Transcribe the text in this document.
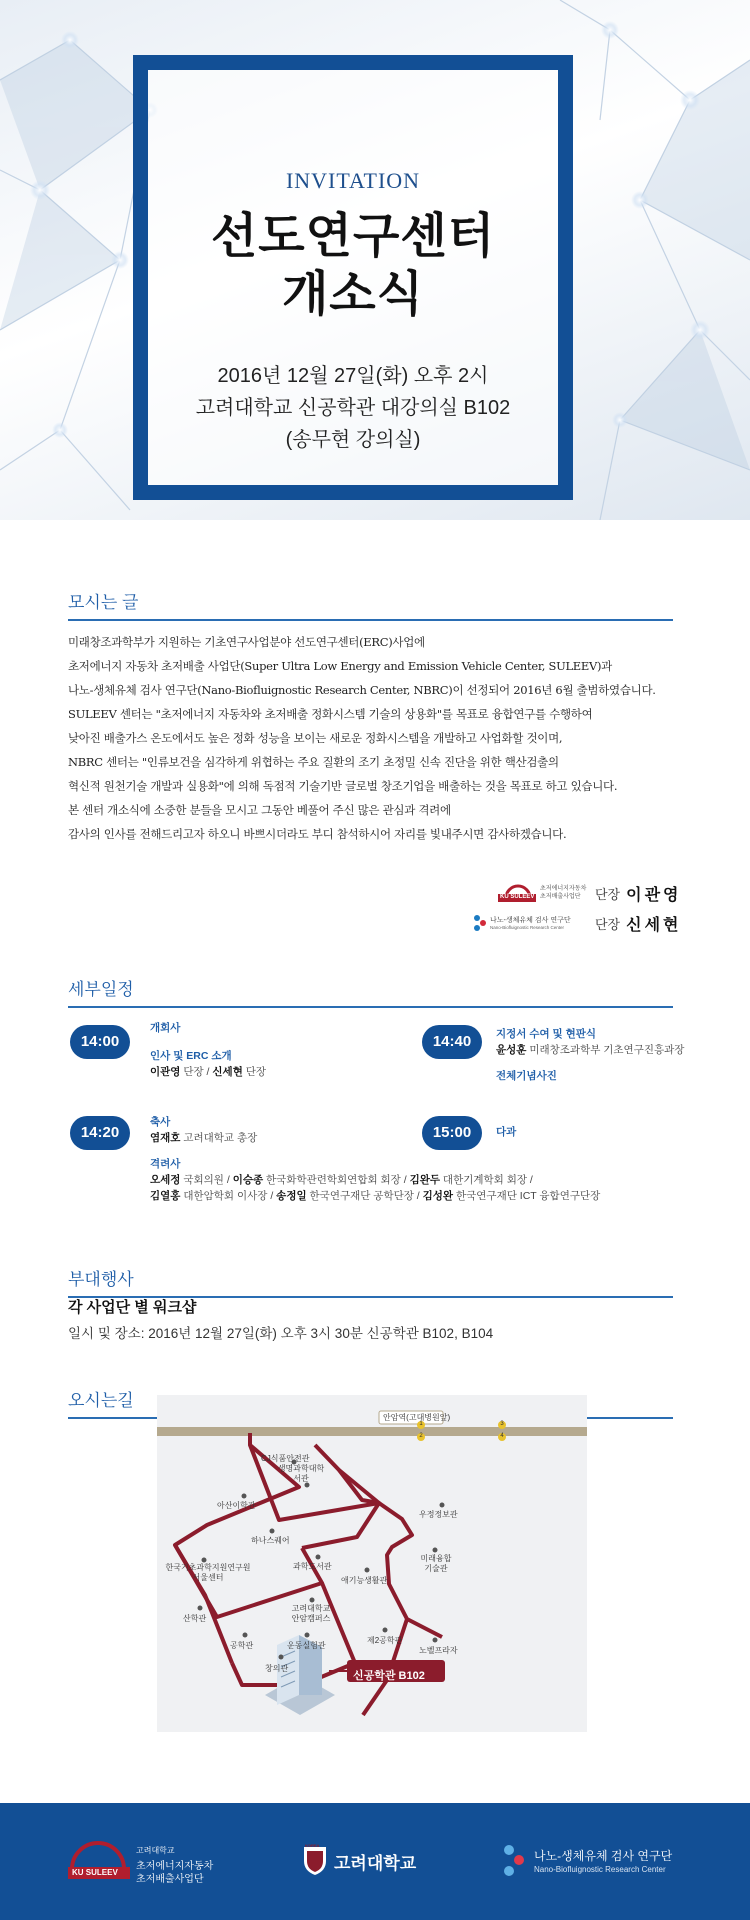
INVITATION
선도연구센터
개소식
2016년 12월 27일(화) 오후 2시
고려대학교 신공학관 대강의실 B102
(송무현 강의실)
모시는 글

미래창조과학부가 지원하는 기초연구사업분야 선도연구센터(ERC)사업에

초저에너지 자동차 초저배출 사업단(Super Ultra Low Energy and Emission Vehicle Center, SULEEV)과

나노-생체유체 검사 연구단(Nano-Biofluignostic Research Center, NBRC)이 선정되어 2016년 6월 출범하였습니다.

SULEEV 센터는 "초저에너지 자동차와 초저배출 정화시스템 기술의 상용화"를 목표로 융합연구를 수행하여

낮아진 배출가스 온도에서도 높은 정화 성능을 보이는 새로운 정화시스템을 개발하고 사업화할 것이며,

NBRC 센터는 "인류보건을 심각하게 위협하는 주요 질환의 조기 초정밀 신속 진단을 위한 핵산검출의

혁신적 원천기술 개발과 실용화"에 의해 독점적 기술기반 글로벌 창조기업을 배출하는 것을 목표로 하고 있습니다.

본 센터 개소식에 소중한 분들을 모시고 그동안 베풀어 주신 많은 관심과 격려에

감사의 인사를 전해드리고자 하오니 바쁘시더라도 부디 참석하시어 자리를 빛내주시면 감사하겠습니다.

KU SULEEV
초저에너지자동차 초저배출사업단	단장 이관영
나노-생체유체 검사 연구단
Nano-Biofluignostic Research Center 단장 신세현
세부일정
14:00
개회사
인사 및 ERC 소개
이관영 단장 / 신세현 단장
14:40	지정서 수여 및 현판식
윤성훈 미래창조과학부 기초연구진흥과장
전체기념사진
14:20
축사
염재호 고려대학교 총장
격려사
오세정 국회의원 / 이승종 한국화학관련학회연합회 회장 / 김완두 대한기계학회 회장 /
김열홍 대한암학회 이사장 / 송정일 한국연구재단 공학단장 / 김성완 한국연구재단 ICT 융합연구단장
15:00	다과
부대행사
각 사업단 별 워크샵
일시 및 장소: 2016년 12월 27일(화) 오후 3시 30분 신공학관 B102, B104
오시는길
안암역(고대병원앞)
1
2
3
4
신공학관 B102
CJ식품안전관
생명과학대학
서관
아산이학관
하나스퀘어
한국기초과학지원연구원
서울센터
과학도서관
우정정보관
미래융합
기술관
애기능생활관
산학관
고려대학교
안암캠퍼스
공학관	운동실험관
제2공학관
노벨프라자
창의관
KU SULEEV
고려대학교
초저에너지자동차
초저배출사업단
KOREA
고려대학교	나노-생체유체 검사 연구단
Nano-Biofluignostic Research Center
